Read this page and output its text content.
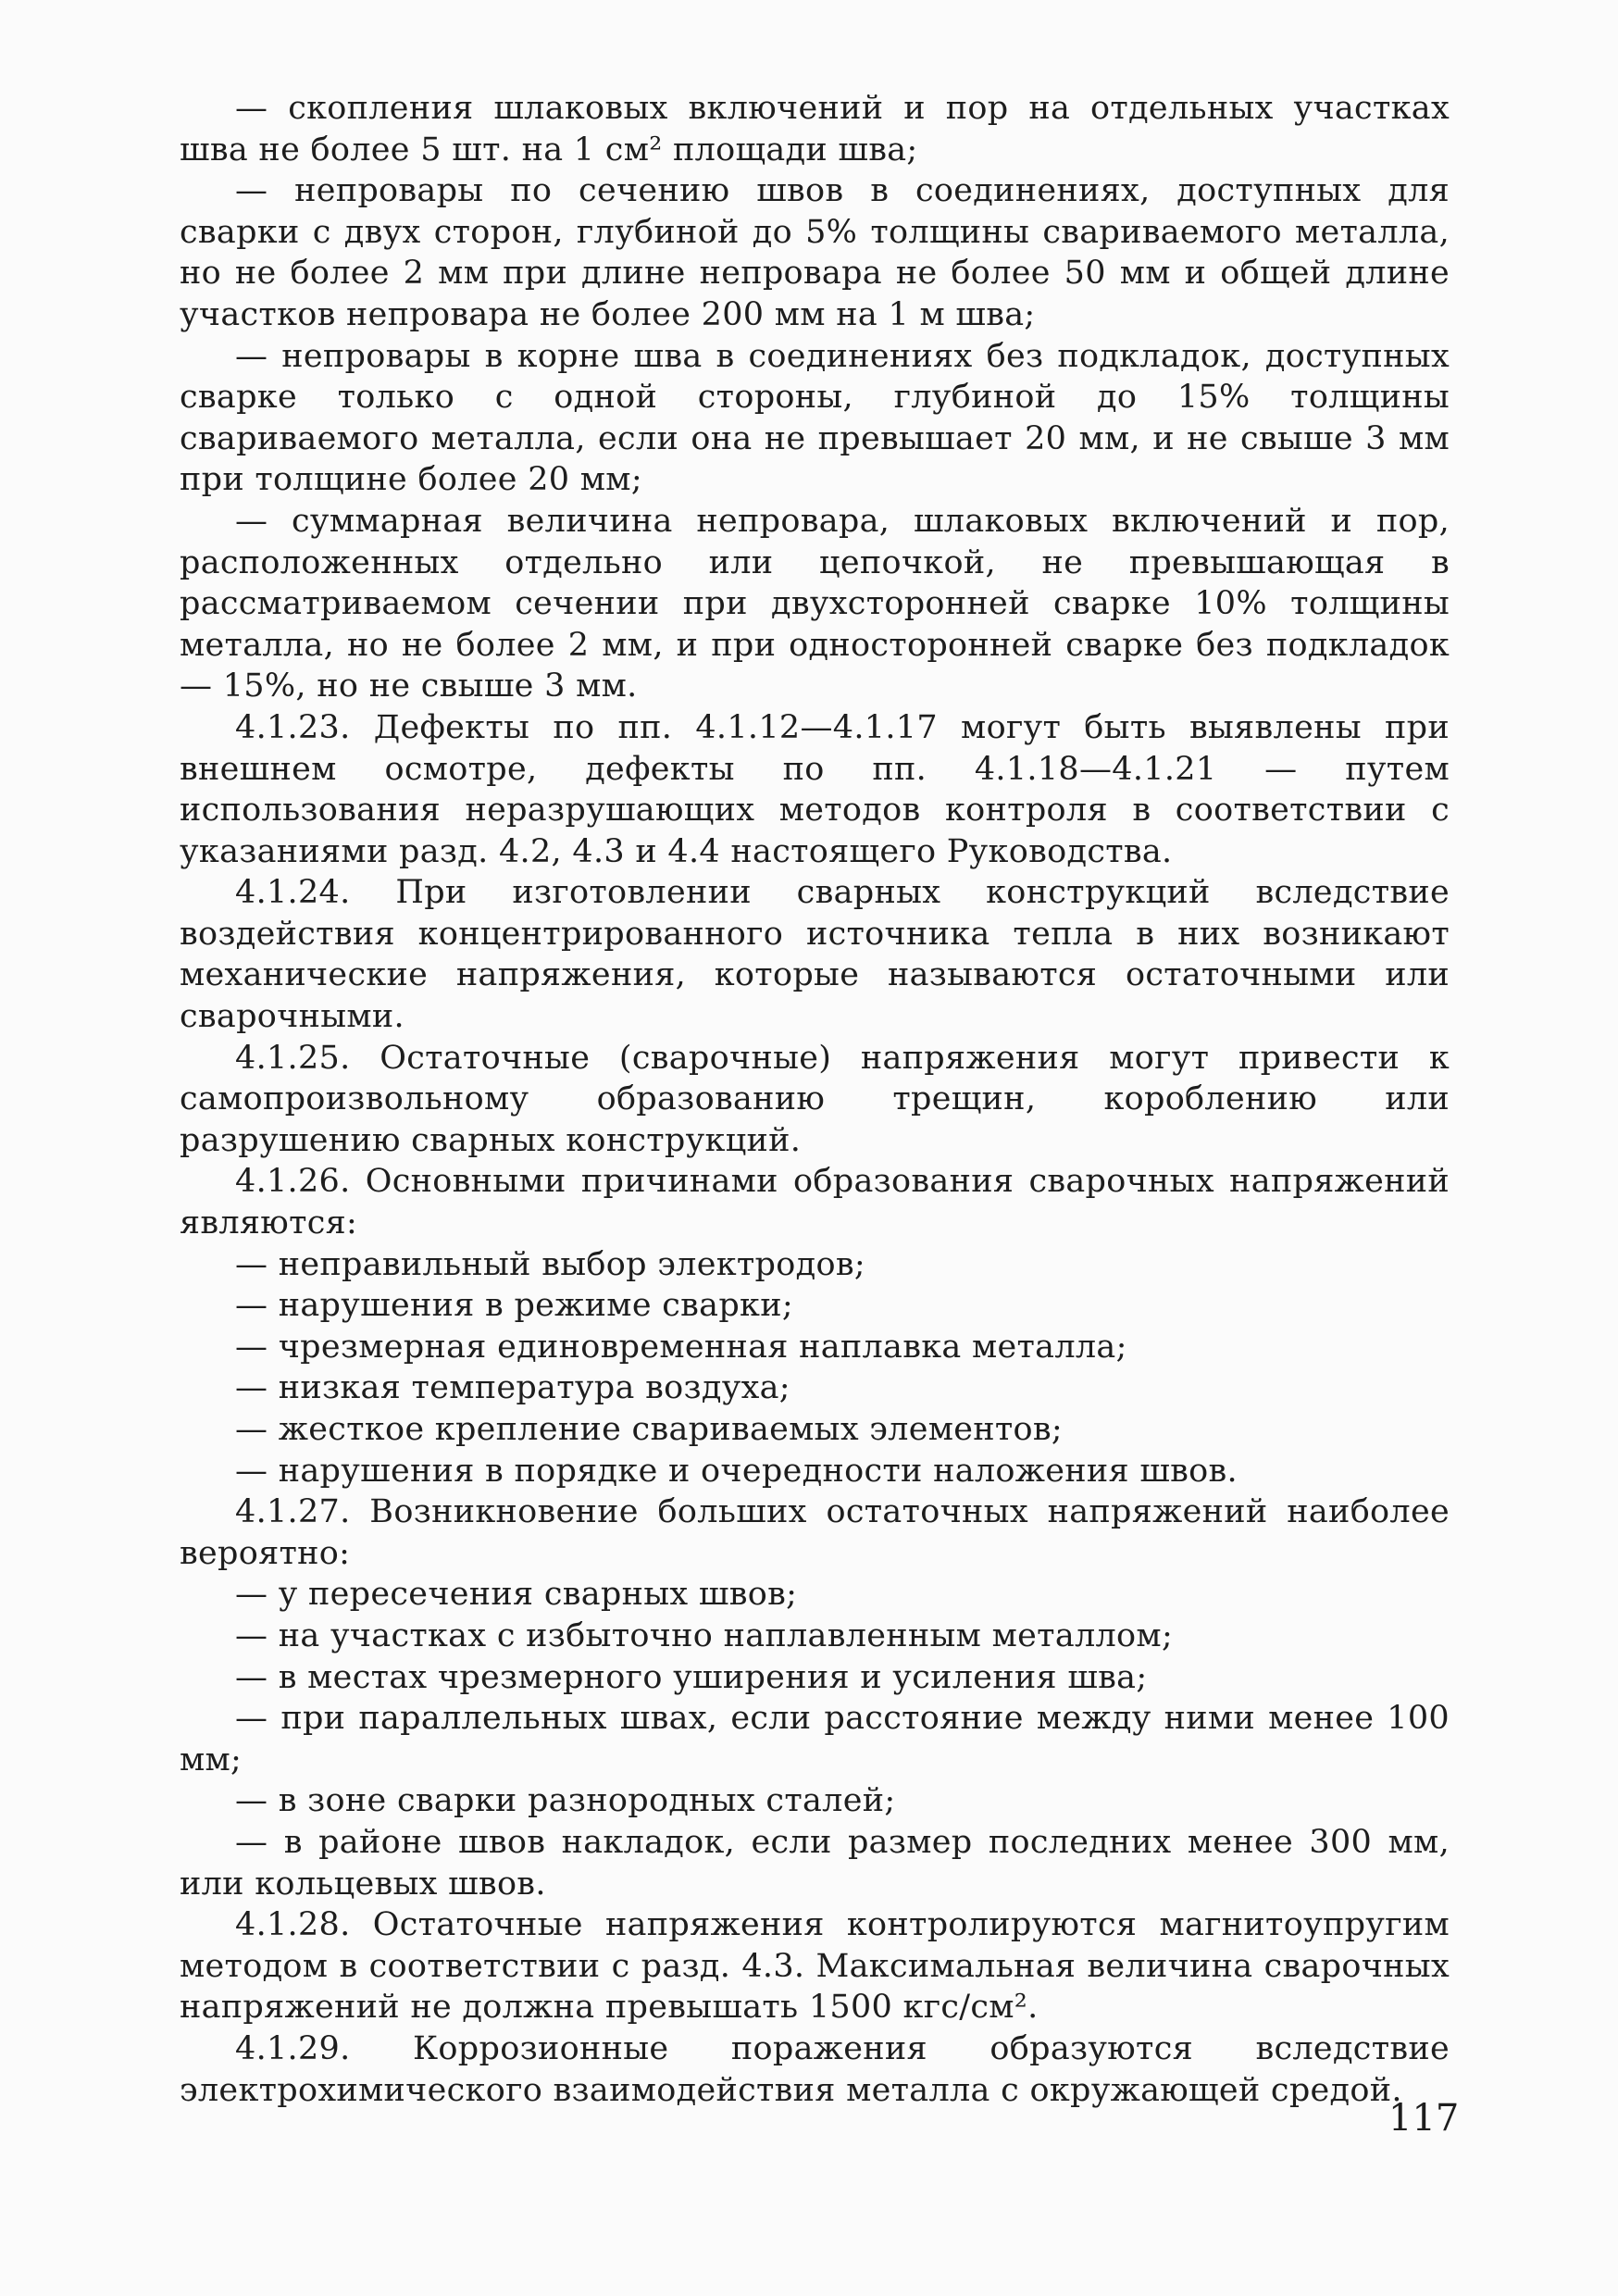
— скопления шлаковых включений и пор на отдельных участках шва не более 5 шт. на 1 см² площади шва;

— непровары по сечению швов в соединениях, доступных для сварки с двух сторон, глубиной до 5% толщины свариваемого металла, но не более 2 мм при длине непровара не более 50 мм и общей длине участков непровара не более 200 мм на 1 м шва;

— непровары в корне шва в соединениях без подкладок, доступных сварке только с одной стороны, глубиной до 15% толщины свариваемого металла, если она не превышает 20 мм, и не свыше 3 мм при толщине более 20 мм;

— суммарная величина непровара, шлаковых включений и пор, расположенных отдельно или цепочкой, не превышающая в рассматриваемом сечении при двухсторонней сварке 10% толщины металла, но не более 2 мм, и при односторонней сварке без подкладок — 15%, но не свыше 3 мм.

4.1.23. Дефекты по пп. 4.1.12—4.1.17 могут быть выявлены при внешнем осмотре, дефекты по пп. 4.1.18—4.1.21 — путем использования неразрушающих методов контроля в соответствии с указаниями разд. 4.2, 4.3 и 4.4 настоящего Руководства.

4.1.24. При изготовлении сварных конструкций вследствие воздействия концентрированного источника тепла в них возникают механические напряжения, которые называются остаточными или сварочными.

4.1.25. Остаточные (сварочные) напряжения могут привести к самопроизвольному образованию трещин, короблению или разрушению сварных конструкций.

4.1.26. Основными причинами образования сварочных напряжений являются:

— неправильный выбор электродов;

— нарушения в режиме сварки;

— чрезмерная единовременная наплавка металла;

— низкая температура воздуха;

— жесткое крепление свариваемых элементов;

— нарушения в порядке и очередности наложения швов.

4.1.27. Возникновение больших остаточных напряжений наиболее вероятно:

— у пересечения сварных швов;

— на участках с избыточно наплавленным металлом;

— в местах чрезмерного уширения и усиления шва;

— при параллельных швах, если расстояние между ними менее 100 мм;

— в зоне сварки разнородных сталей;

— в районе швов накладок, если размер последних менее 300 мм, или кольцевых швов.

4.1.28. Остаточные напряжения контролируются магнитоупругим методом в соответствии с разд. 4.3. Максимальная величина сварочных напряжений не должна превышать 1500 кгс/см².

4.1.29. Коррозионные поражения образуются вследствие электрохимического взаимодействия металла с окружающей средой.

117
